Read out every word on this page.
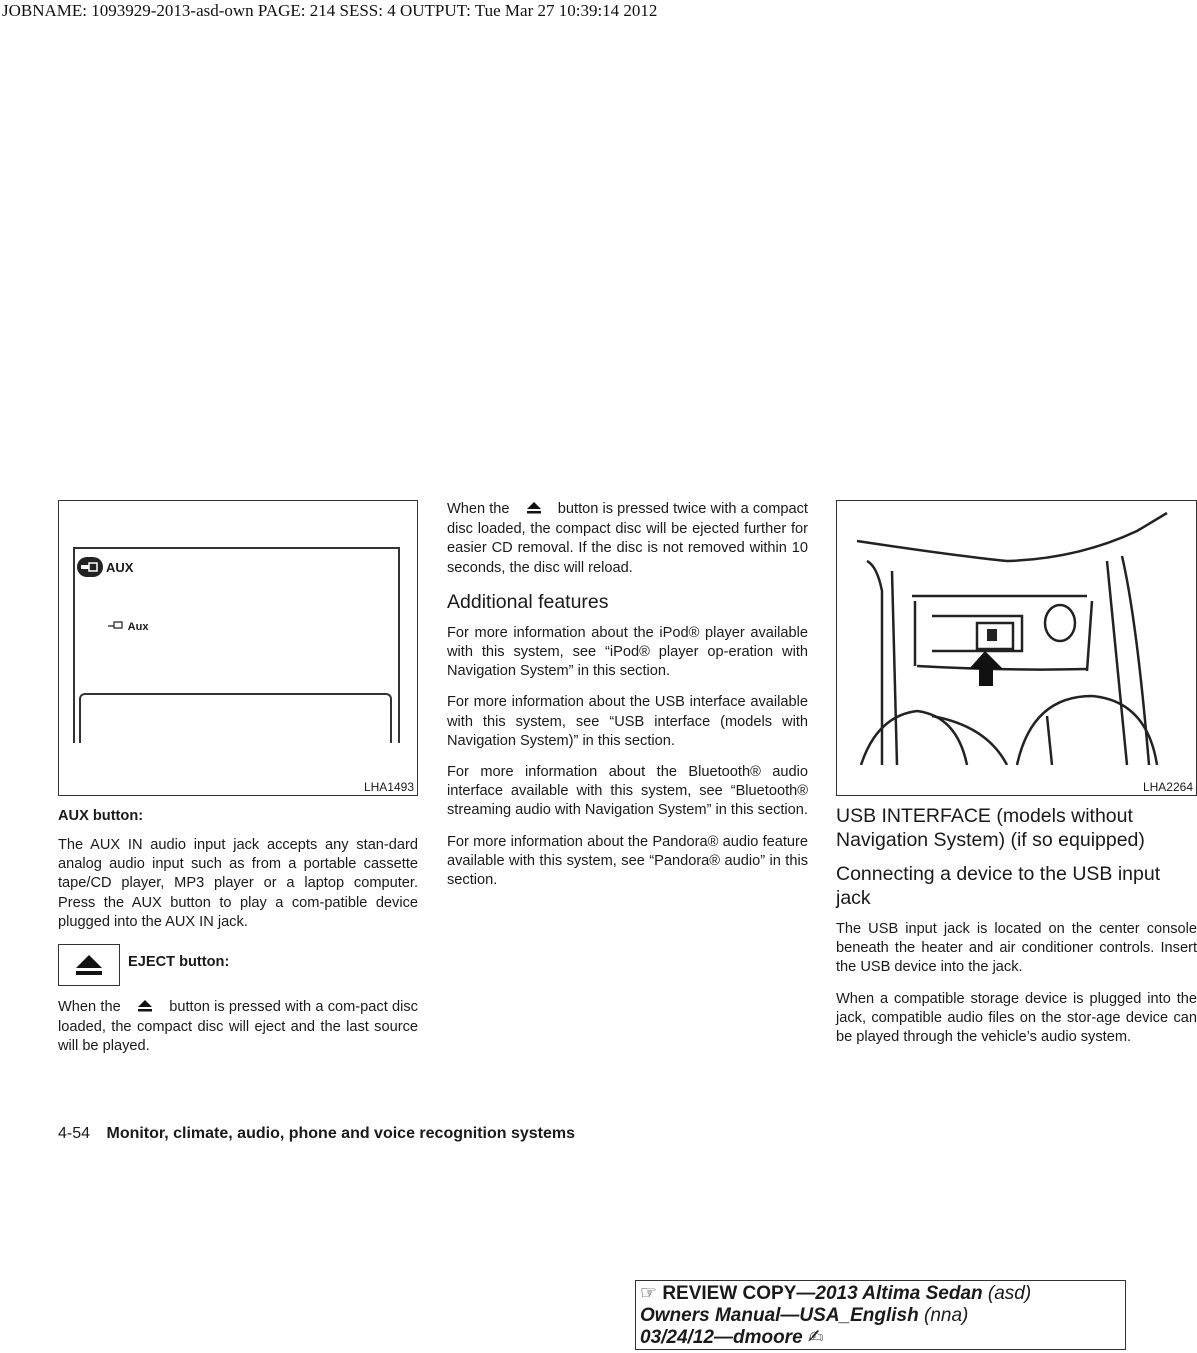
JOBNAME: 1093929-2013-asd-own PAGE: 214 SESS: 4 OUTPUT: Tue Mar 27 10:39:14 2012
AUX
Aux
LHA1493
AUX button:

The AUX IN audio input jack accepts any stan-dard analog audio input such as from a portable cassette tape/CD player, MP3 player or a laptop computer. Press the AUX button to play a com-patible device plugged into the AUX IN jack.

EJECT button:

When the	button is pressed with a com-pact disc loaded, the compact disc will eject and the last source will be played.

When the	button is pressed twice with a compact disc loaded, the compact disc will be ejected further for easier CD removal. If the disc is not removed within 10 seconds, the disc will reload.

Additional features

For more information about the iPod® player available with this system, see “iPod® player op-eration with Navigation System” in this section.

For more information about the USB interface available with this system, see “USB interface (models with Navigation System)” in this section.

For more information about the Bluetooth® audio interface available with this system, see “Bluetooth® streaming audio with Navigation System” in this section.

For more information about the Pandora® audio feature available with this system, see “Pandora® audio” in this section.

LHA2264
USB INTERFACE (models without Navigation System) (if so equipped)
Connecting a device to the USB input jack

The USB input jack is located on the center console beneath the heater and air conditioner controls. Insert the USB device into the jack.

When a compatible storage device is plugged into the jack, compatible audio files on the stor-age device can be played through the vehicle’s audio system.

4-54 Monitor, climate, audio, phone and voice recognition systems
☞ REVIEW COPY—2013 Altima Sedan (asd)
Owners Manual—USA_English (nna)
03/24/12—dmoore ✍
